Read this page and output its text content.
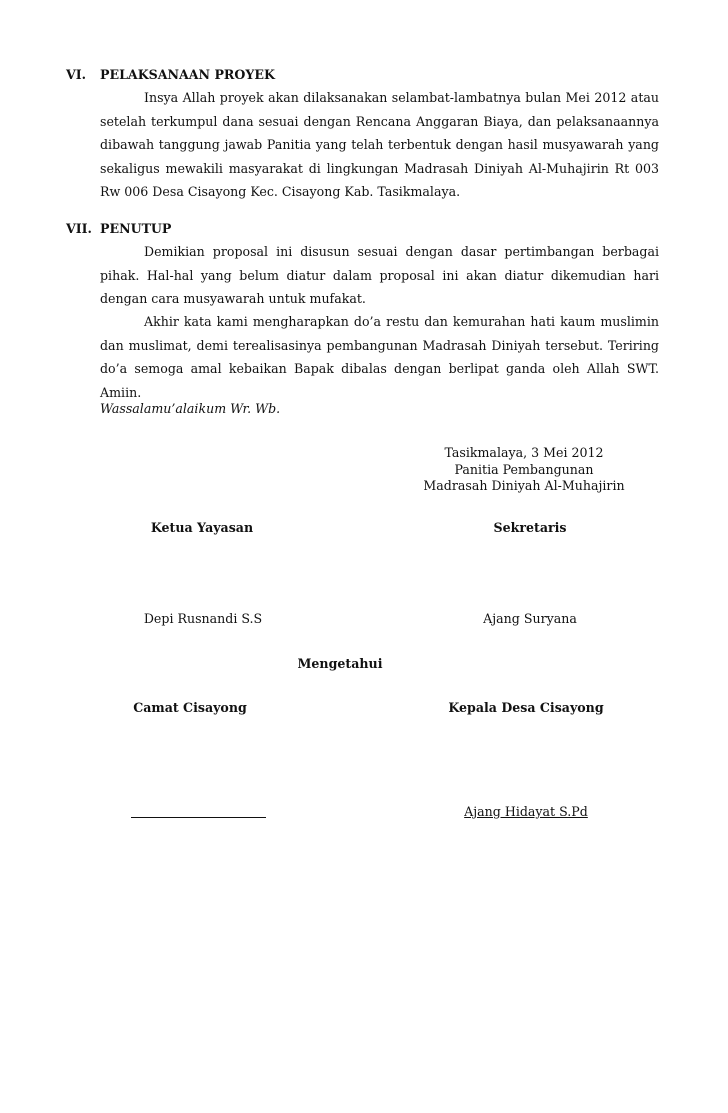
VI.	PELAKSANAAN PROYEK

Insya Allah proyek akan dilaksanakan selambat-lambatnya bulan Mei 2012 atau setelah terkumpul dana sesuai dengan Rencana Anggaran Biaya, dan pelaksanaannya dibawah tanggung jawab Panitia yang telah terbentuk dengan hasil musyawarah yang sekaligus mewakili masyarakat di lingkungan Madrasah Diniyah Al-Muhajirin Rt 003 Rw 006 Desa Cisayong Kec. Cisayong Kab. Tasikmalaya.

VII. PENUTUP

Demikian proposal ini disusun sesuai dengan dasar pertimbangan berbagai pihak. Hal-hal yang belum diatur dalam proposal ini akan diatur dikemudian hari dengan cara musyawarah untuk mufakat.

Akhir kata kami mengharapkan do’a restu dan kemurahan hati kaum muslimin dan muslimat, demi terealisasinya pembangunan Madrasah Diniyah tersebut. Teriring do’a semoga amal kebaikan Bapak dibalas dengan berlipat ganda oleh Allah SWT. Amiin.

Wassalamu’alaikum Wr. Wb.
Tasikmalaya, 3 Mei 2012
Panitia Pembangunan
Madrasah Diniyah Al-Muhajirin
Ketua Yayasan	Sekretaris
Depi Rusnandi S.S	Ajang Suryana
Mengetahui
Camat Cisayong	Kepala Desa Cisayong
Ajang Hidayat S.Pd
